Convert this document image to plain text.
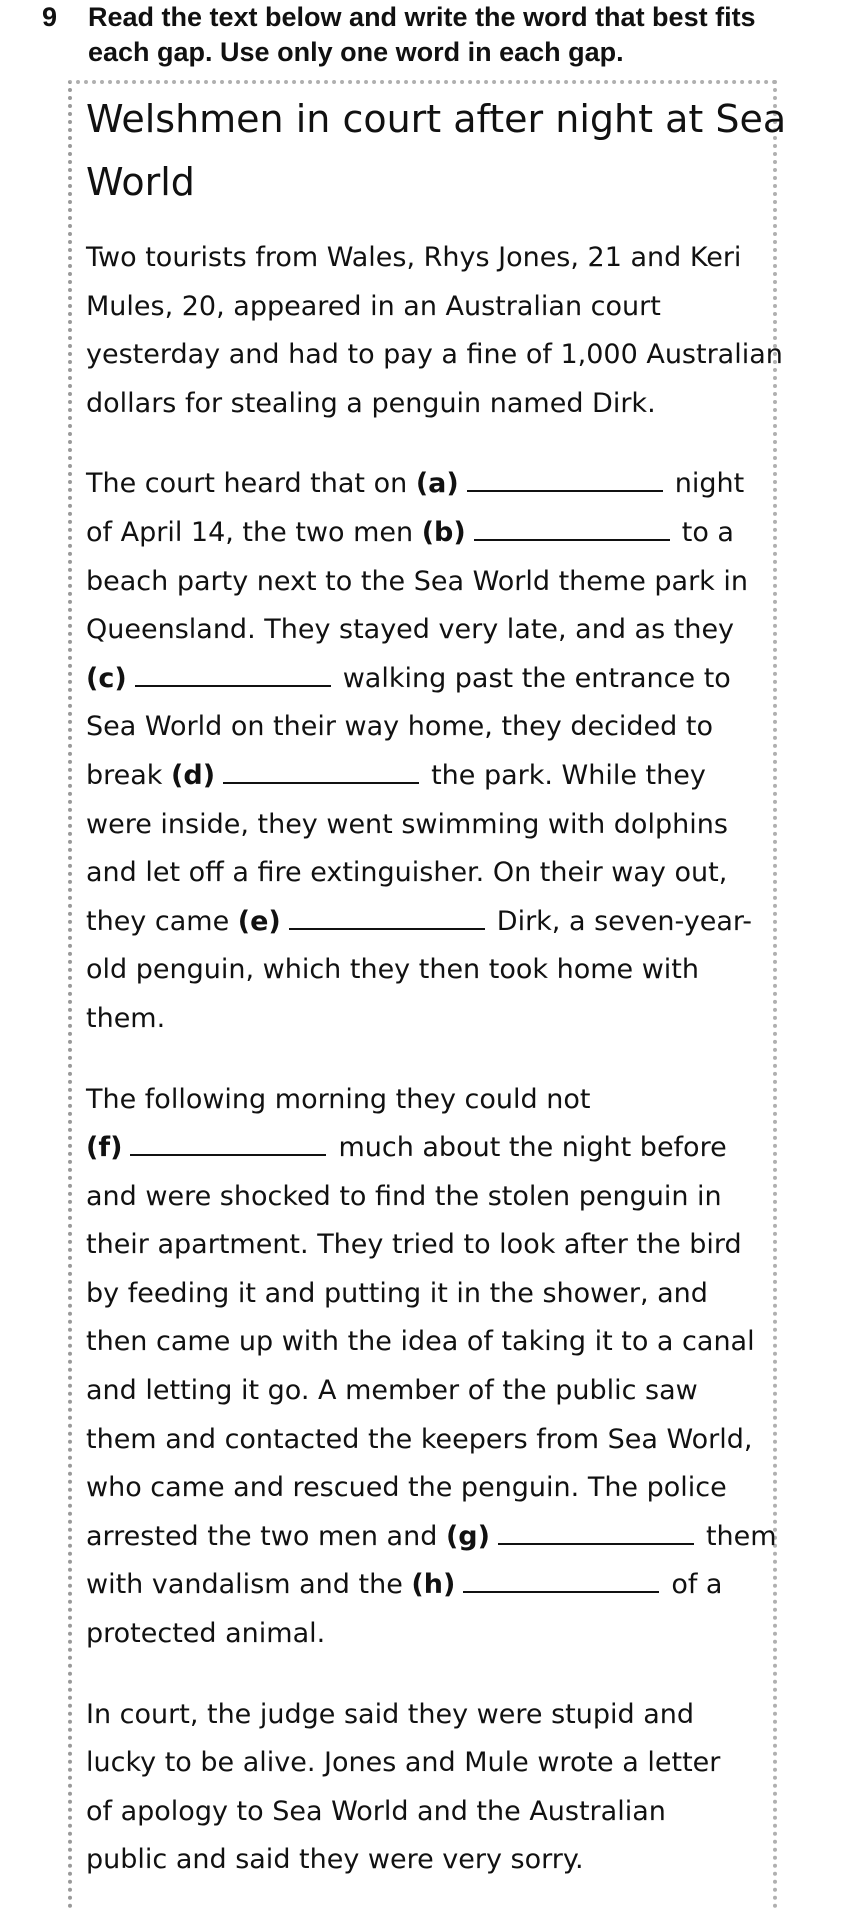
9 Read the text below and write the word that best fits
each gap. Use only one word in each gap.
Welshmen in court after night at Sea
World
Two tourists from Wales, Rhys Jones, 21 and Keri
Mules, 20, appeared in an Australian court
yesterday and had to pay a fine of 1,000 Australian
dollars for stealing a penguin named Dirk.
The court heard that on (a)	night
of April 14, the two men (b)	to a
beach party next to the Sea World theme park in
Queensland. They stayed very late, and as they
(c)	walking past the entrance to
Sea World on their way home, they decided to
break (d)	the park. While they
were inside, they went swimming with dolphins
and let off a fire extinguisher. On their way out,
they came (e)	Dirk, a seven-year-
old penguin, which they then took home with
them.
The following morning they could not
(f)	much about the night before
and were shocked to find the stolen penguin in
their apartment. They tried to look after the bird
by feeding it and putting it in the shower, and
then came up with the idea of taking it to a canal
and letting it go. A member of the public saw
them and contacted the keepers from Sea World,
who came and rescued the penguin. The police
arrested the two men and (g)	them
with vandalism and the (h)	of a
protected animal.
In court, the judge said they were stupid and
lucky to be alive. Jones and Mule wrote a letter
of apology to Sea World and the Australian
public and said they were very sorry.
